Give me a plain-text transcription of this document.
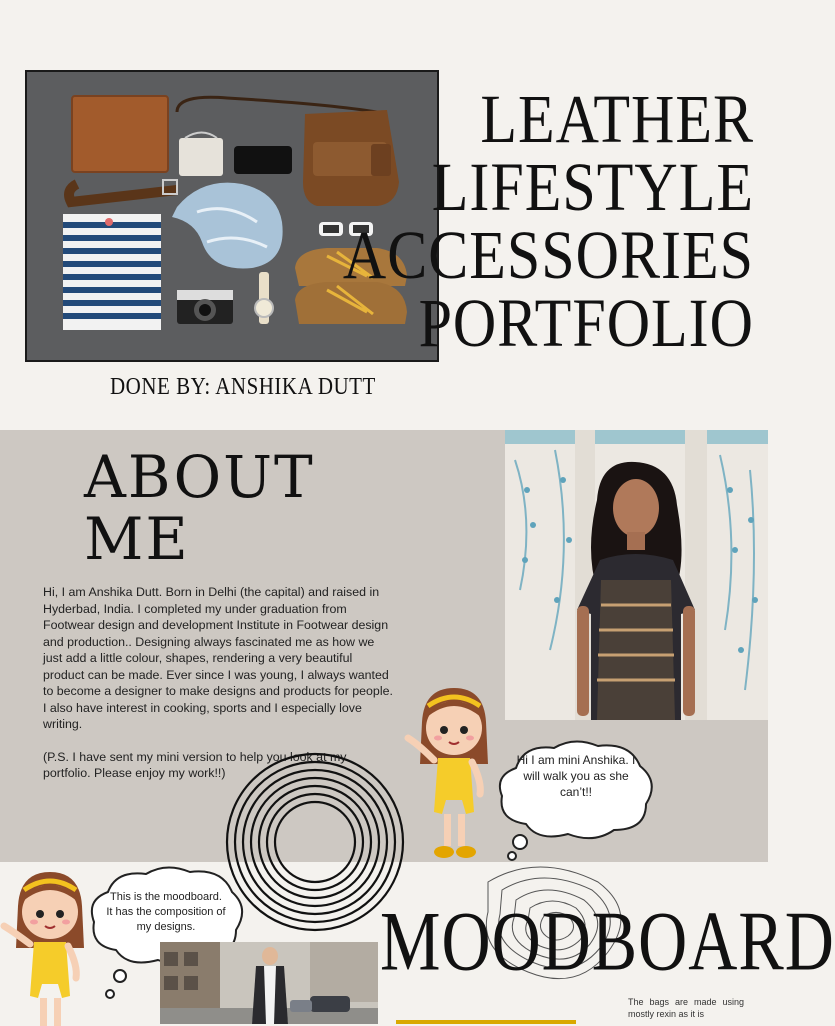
LEATHER
LIFESTYLE
ACCESSORIES
PORTFOLIO
DONE BY: ANSHIKA DUTT
ABOUT
ME

Hi, I am Anshika Dutt. Born in Delhi (the capital) and raised in Hyderbad, India. I completed my under graduation from Footwear design and development Institute in Footwear design and production.. Designing always fascinated me as how we just add a little colour, shapes, rendering a very beautiful product can be made. Ever since I was young, I always wanted to become a designer to make designs and products for people. I also have interest in cooking, sports and I especially love writing.

(P.S. I have sent my mini version to help you look at my portfolio. Please enjoy my work!!)

Hi I am mini Anshika. I will walk you as she can’t!!
This is the moodboard. It has the composition of my designs.	MOODBOARD
The bags are made using mostly rexin as it is
